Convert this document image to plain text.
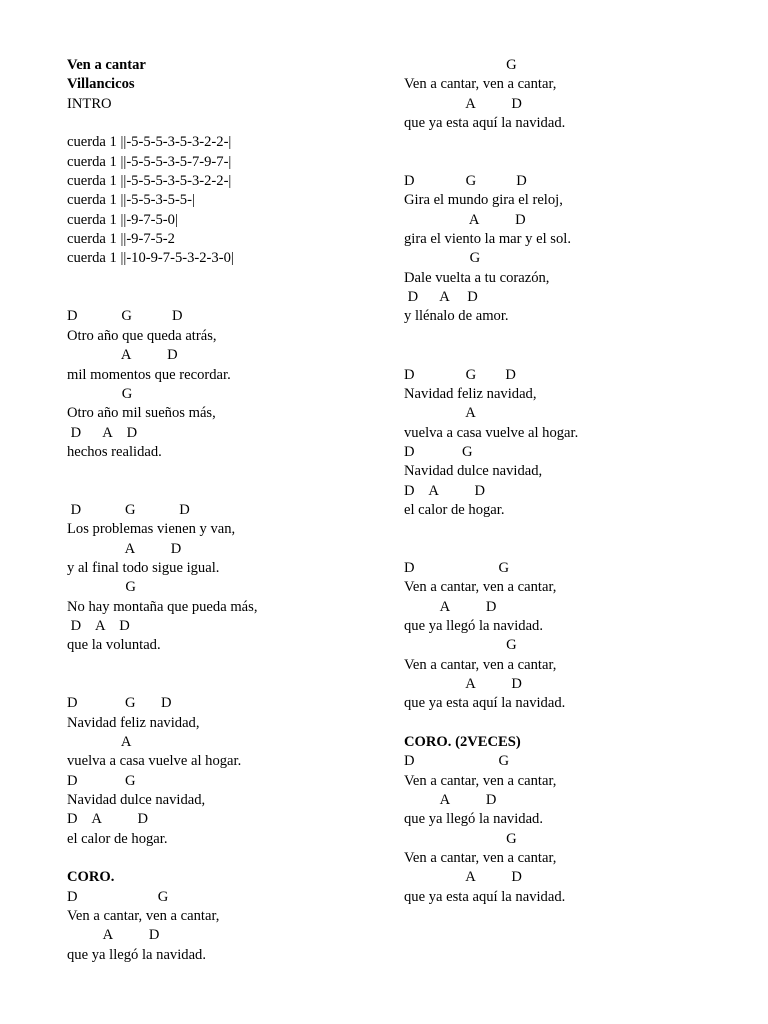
Ven a cantar
Villancicos
INTRO
cuerda 1 ||-5-5-5-3-5-3-2-2-|
cuerda 1 ||-5-5-5-3-5-7-9-7-|
cuerda 1 ||-5-5-5-3-5-3-2-2-|
cuerda 1 ||-5-5-3-5-5-|
cuerda 1 ||-9-7-5-0|
cuerda 1 ||-9-7-5-2
cuerda 1 ||-10-9-7-5-3-2-3-0|
D            G           D
Otro año que queda atrás,
A          D
mil momentos que recordar.
G
Otro año mil sueños más,
D      A    D
hechos realidad.
D            G            D
Los problemas vienen y van,
A          D
y al final todo sigue igual.
G
No hay montaña que pueda más,
D    A    D
que la voluntad.
D             G       D
Navidad feliz navidad,
A
vuelva a casa vuelve al hogar.
D             G
Navidad dulce navidad,
D    A          D
el calor de hogar.
CORO.
D                      G
Ven a cantar, ven a cantar,
A          D
que ya llegó la navidad.
G
Ven a cantar, ven a cantar,
A          D
que ya esta aquí la navidad.
D              G           D
Gira el mundo gira el reloj,
A          D
gira el viento la mar y el sol.
G
Dale vuelta a tu corazón,
D      A     D
y llénalo de amor.
D              G        D
Navidad feliz navidad,
A
vuelva a casa vuelve al hogar.
D             G
Navidad dulce navidad,
D    A          D
el calor de hogar.
D                       G
Ven a cantar, ven a cantar,
A          D
que ya llegó la navidad.
G
Ven a cantar, ven a cantar,
A          D
que ya esta aquí la navidad.
CORO. (2VECES)
D                       G
Ven a cantar, ven a cantar,
A          D
que ya llegó la navidad.
G
Ven a cantar, ven a cantar,
A          D
que ya esta aquí la navidad.
